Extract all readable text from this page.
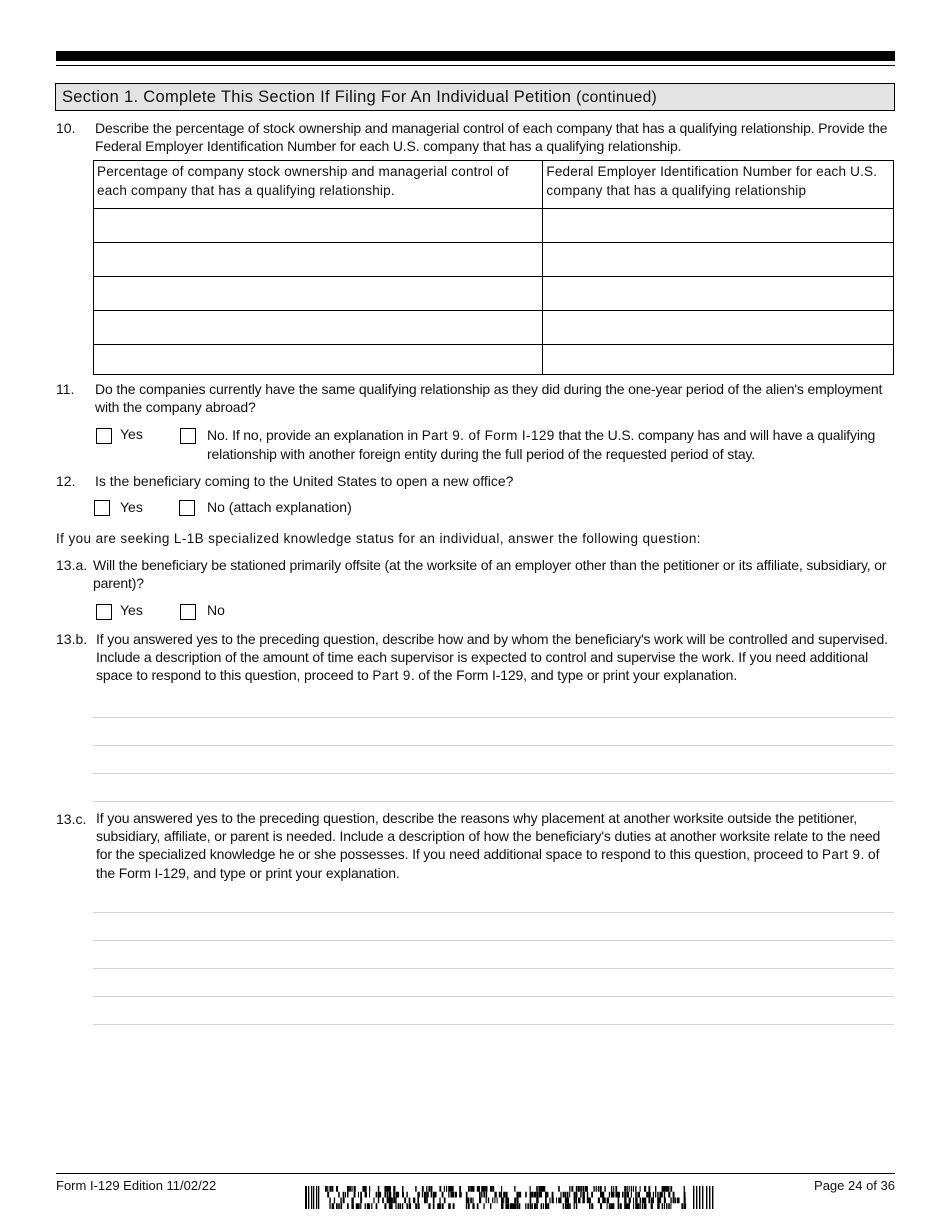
Section 1. Complete This Section If Filing For An Individual Petition (continued)
10. Describe the percentage of stock ownership and managerial control of each company that has a qualifying relationship. Provide the Federal Employer Identification Number for each U.S. company that has a qualifying relationship.
Percentage of company stock ownership and managerial control of each company that has a qualifying relationship.	Federal Employer Identification Number for each U.S. company that has a qualifying relationship

11. Do the companies currently have the same qualifying relationship as they did during the one-year period of the alien's employment with the company abroad?
Yes	No. If no, provide an explanation in Part 9. of Form I-129 that the U.S. company has and will have a qualifying relationship with another foreign entity during the full period of the requested period of stay.
12. Is the beneficiary coming to the United States to open a new office?
Yes	No (attach explanation)
If you are seeking L-1B specialized knowledge status for an individual, answer the following question:
13.a. Will the beneficiary be stationed primarily offsite (at the worksite of an employer other than the petitioner or its affiliate, subsidiary, or parent)?
Yes	No
13.b. If you answered yes to the preceding question, describe how and by whom the beneficiary's work will be controlled and supervised. Include a description of the amount of time each supervisor is expected to control and supervise the work. If you need additional space to respond to this question, proceed to Part 9. of the Form I-129, and type or print your explanation.
13.c. If you answered yes to the preceding question, describe the reasons why placement at another worksite outside the petitioner, subsidiary, affiliate, or parent is needed. Include a description of how the beneficiary's duties at another worksite relate to the need for the specialized knowledge he or she possesses. If you need additional space to respond to this question, proceed to Part 9. of the Form I-129, and type or print your explanation.
Form I-129 Edition 11/02/22	Page 24 of 36
